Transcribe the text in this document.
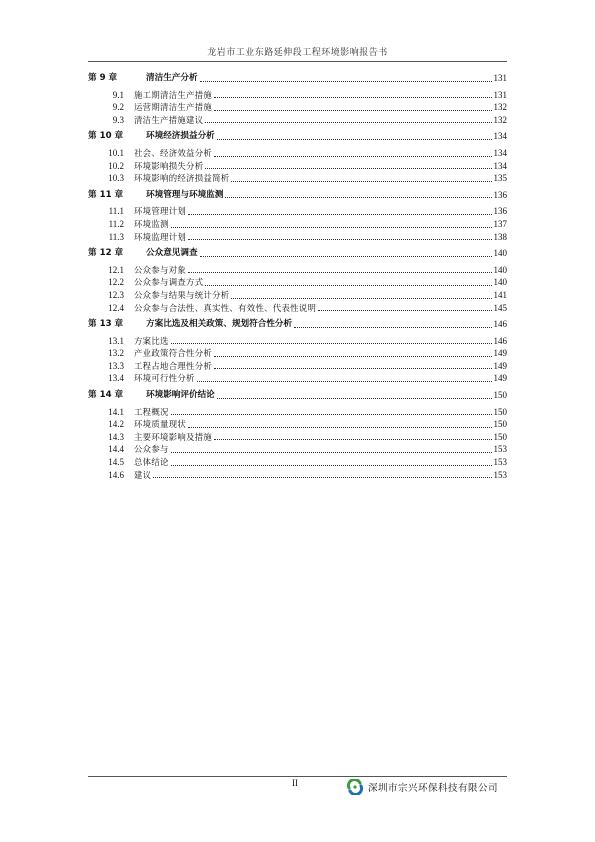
龙岩市工业东路延伸段工程环境影响报告书
第 9 章	清洁生产分析	131
9.1	施工期清洁生产措施	131
9.2	运营期清洁生产措施	132
9.3	清洁生产措施建议	132
第 10 章	环境经济损益分析	134
10.1	社会、经济效益分析	134
10.2	环境影响损失分析	134
10.3	环境影响的经济损益简析	135
第 11 章	环境管理与环境监测	136
11.1	环境管理计划	136
11.2	环境监测	137
11.3	环境监理计划	138
第 12 章	公众意见调查	140
12.1	公众参与对象	140
12.2	公众参与调查方式	140
12.3	公众参与结果与统计分析	141
12.4	公众参与合法性、真实性、有效性、代表性说明	145
第 13 章	方案比选及相关政策、规划符合性分析	146
13.1	方案比选	146
13.2	产业政策符合性分析	149
13.3	工程占地合理性分析	149
13.4	环境可行性分析	149
第 14 章	环境影响评价结论	150
14.1	工程概况	150
14.2	环境质量现状	150
14.3	主要环境影响及措施	150
14.4	公众参与	153
14.5	总体结论	153
14.6	建议	153
II	深圳市宗兴环保科技有限公司
